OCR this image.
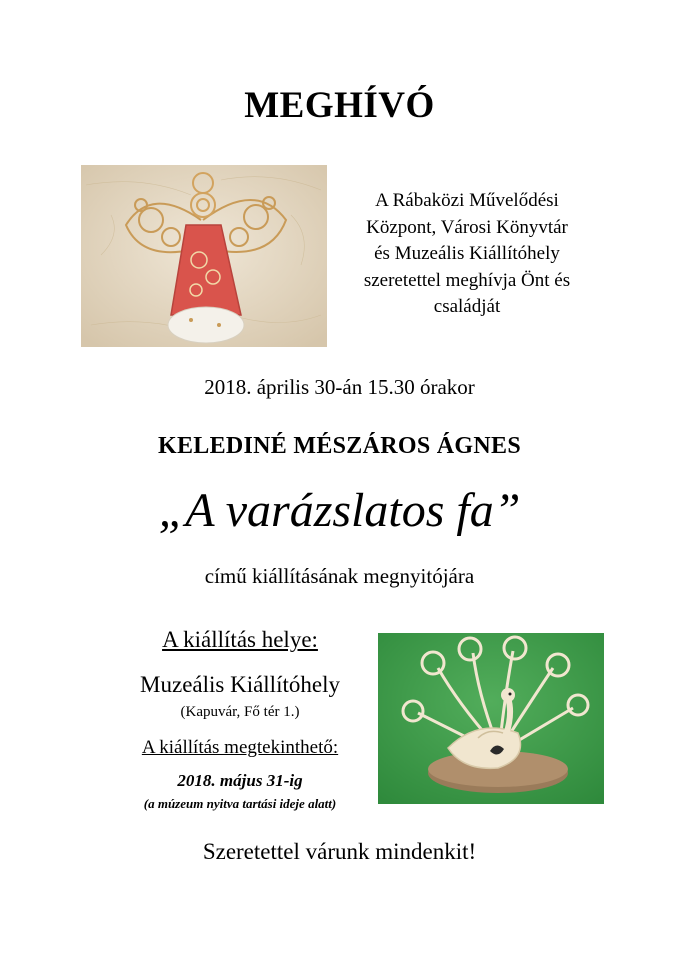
MEGHÍVÓ
A Rábaközi Művelődési
Központ, Városi Könyvtár
és Muzeális Kiállítóhely
szeretettel meghívja Önt és
családját
2018. április 30-án 15.30 órakor
KELEDINÉ MÉSZÁROS ÁGNES
„A varázslatos fa”
című kiállításának megnyitójára
A kiállítás helye:
Muzeális Kiállítóhely
(Kapuvár, Fő tér 1.)
A kiállítás megtekinthető:
2018. május 31-ig
(a múzeum nyitva tartási ideje alatt)
Szeretettel várunk mindenkit!
